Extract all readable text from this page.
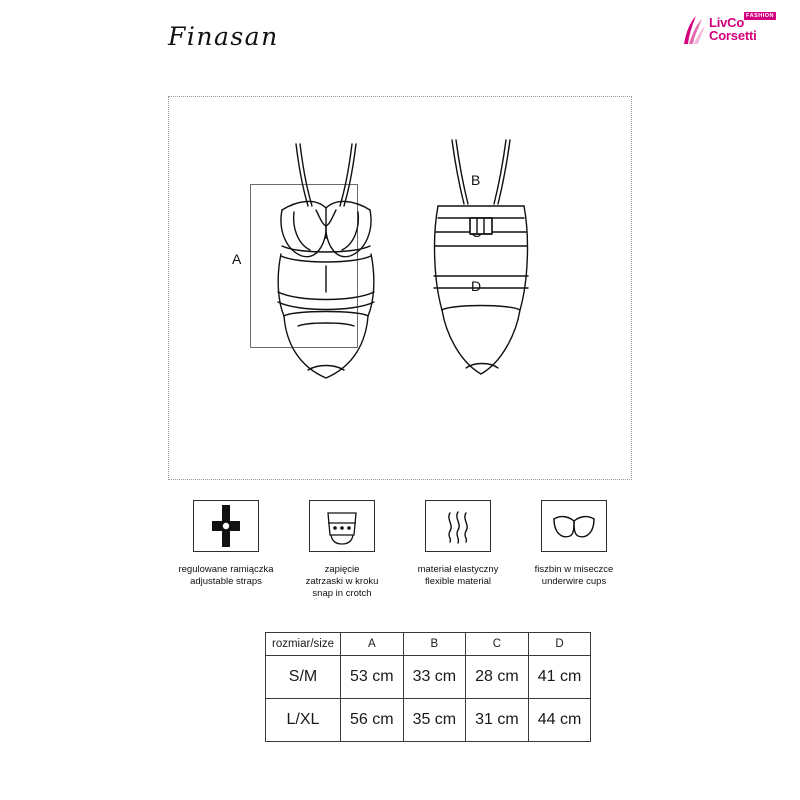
Finasan	LivCo
Corsetti
FASHION
A
B
D
regulowane ramiączka
adjustable straps
zapięcie
zatrzaski w kroku
snap in crotch
materiał elastyczny
flexible material
fiszbin w miseczce
underwire cups
rozmiar/size	A	B	C	D
S/M	53 cm	33 cm	28 cm	41 cm
L/XL	56 cm	35 cm	31 cm	44 cm
